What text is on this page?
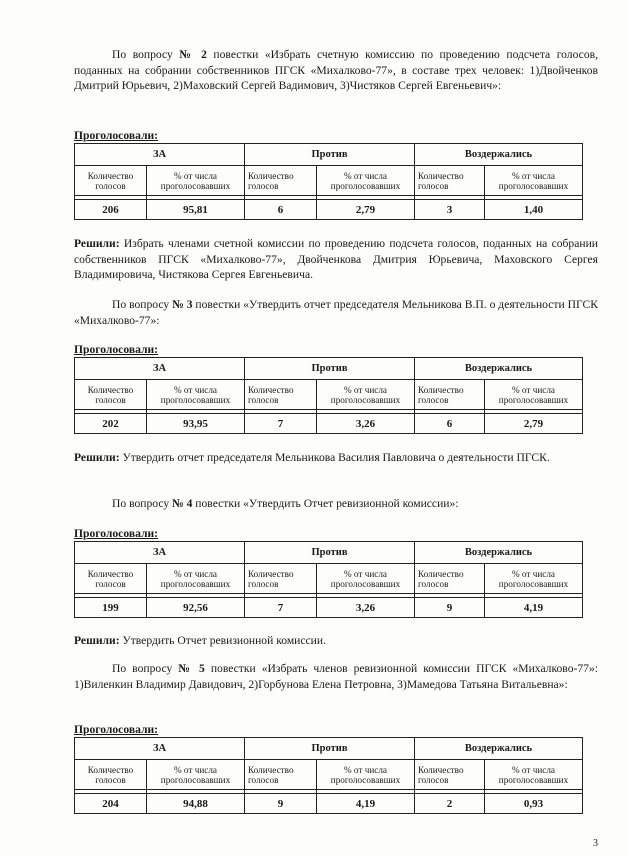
По вопросу № 2 повестки «Избрать счетную комиссию по проведению подсчета голосов, поданных на собрании собственников ПГСК «Михалково-77», в составе трех человек: 1)Двойченков Дмитрий Юрьевич, 2)Маховский Сергей Вадимович, 3)Чистяков Сергей Евгеньевич»:

Проголосовали:
ЗА		Против		Воздержались	
Количество голосов	% от числа проголосовавших	Количество голосов	% от числа проголосовавших	Количество голосов	% от числа проголосовавших

206	95,81	6	2,79	3	1,40

Решили: Избрать членами счетной комиссии по проведению подсчета голосов, поданных на собрании собственников ПГСК «Михалково-77», Двойченкова Дмитрия Юрьевича, Маховского Сергея Владимировича, Чистякова Сергея Евгеньевича.

По вопросу № 3 повестки «Утвердить отчет председателя Мельникова В.П. о деятельности ПГСК «Михалково-77»:

Проголосовали:
ЗА		Против		Воздержались	
Количество голосов	% от числа проголосовавших	Количество голосов	% от числа проголосовавших	Количество голосов	% от числа проголосовавших

202	93,95	7	3,26	6	2,79

Решили: Утвердить отчет председателя Мельникова Василия Павловича о деятельности ПГСК.

По вопросу № 4 повестки «Утвердить Отчет ревизионной комиссии»:

Проголосовали:
ЗА		Против		Воздержались	
Количество голосов	% от числа проголосовавших	Количество голосов	% от числа проголосовавших	Количество голосов	% от числа проголосовавших

199	92,56	7	3,26	9	4,19

Решили: Утвердить Отчет ревизионной комиссии.

По вопросу № 5 повестки «Избрать членов ревизионной комиссии ПГСК «Михалково-77»: 1)Виленкин Владимир Давидович, 2)Горбунова Елена Петровна, 3)Мамедова Татьяна Витальевна»:

Проголосовали:
ЗА		Против		Воздержались	
Количество голосов	% от числа проголосовавших	Количество голосов	% от числа проголосовавших	Количество голосов	% от числа проголосовавших

204	94,88	9	4,19	2	0,93
3
